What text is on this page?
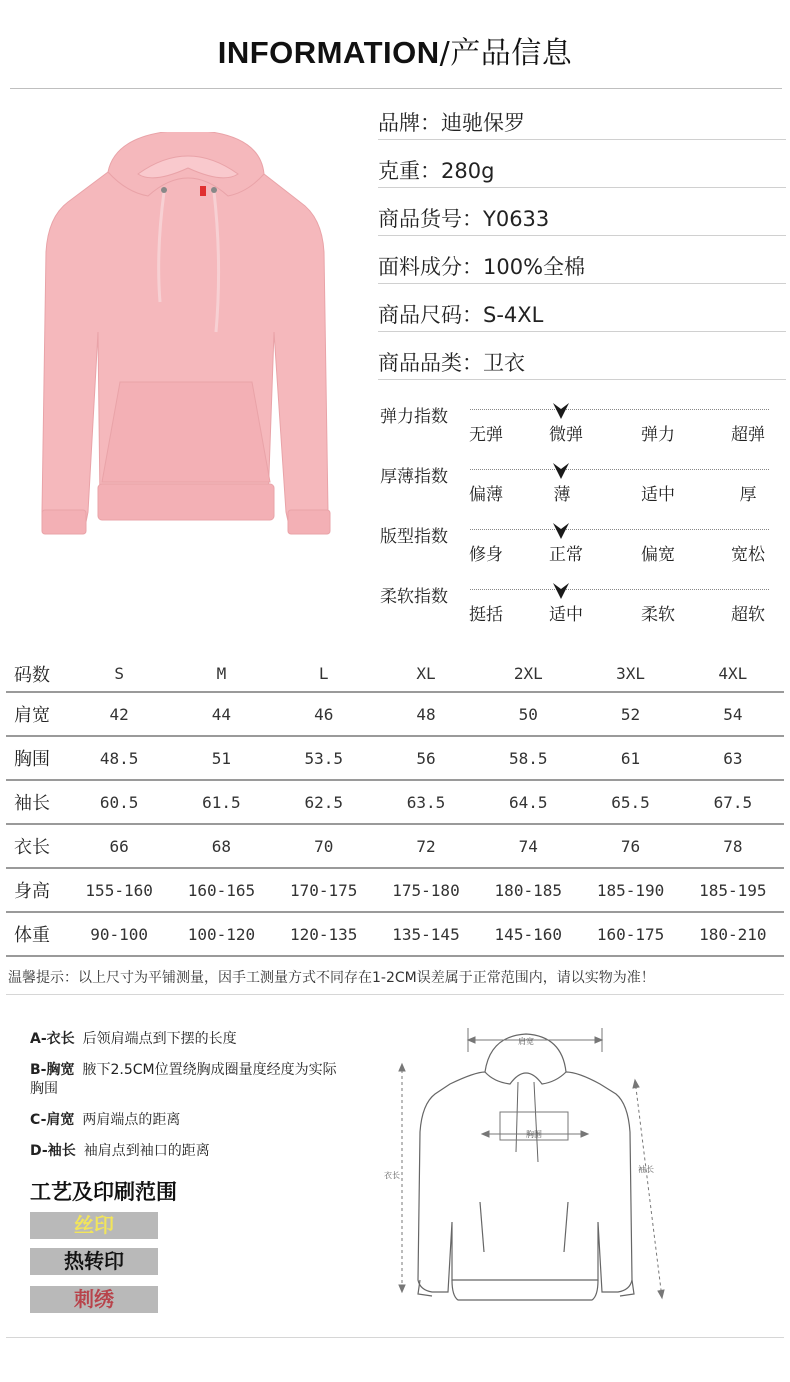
INFORMATION/产品信息
品牌：迪驰保罗
克重：280g
商品货号：Y0633
面料成分：100%全棉
商品尺码：S-4XL
商品品类：卫衣
弹力指数
无弹	微弹	弹力	超弹
厚薄指数
偏薄	薄	适中	厚
版型指数
修身	正常	偏宽	宽松
柔软指数
挺括	适中	柔软	超软
码数	S	M	L	XL	2XL	3XL	4XL
肩宽	42	44	46	48	50	52	54
胸围	48.5	51	53.5	56	58.5	61	63
袖长	60.5	61.5	62.5	63.5	64.5	65.5	67.5
衣长	66	68	70	72	74	76	78
身高	155-160	160-165	170-175	175-180	180-185	185-190	185-195
体重	90-100	100-120	120-135	135-145	145-160	160-175	180-210
温馨提示：以上尺寸为平铺测量，因手工测量方式不同存在1-2CM误差属于正常范围内，请以实物为准！
A-衣长 后领肩端点到下摆的长度
B-胸宽 腋下2.5CM位置绕胸成圈量度经度为实际胸围
C-肩宽 两肩端点的距离
D-袖长 袖肩点到袖口的距离
工艺及印刷范围
丝印
热转印
刺绣
肩宽
胸围
衣长
袖长
